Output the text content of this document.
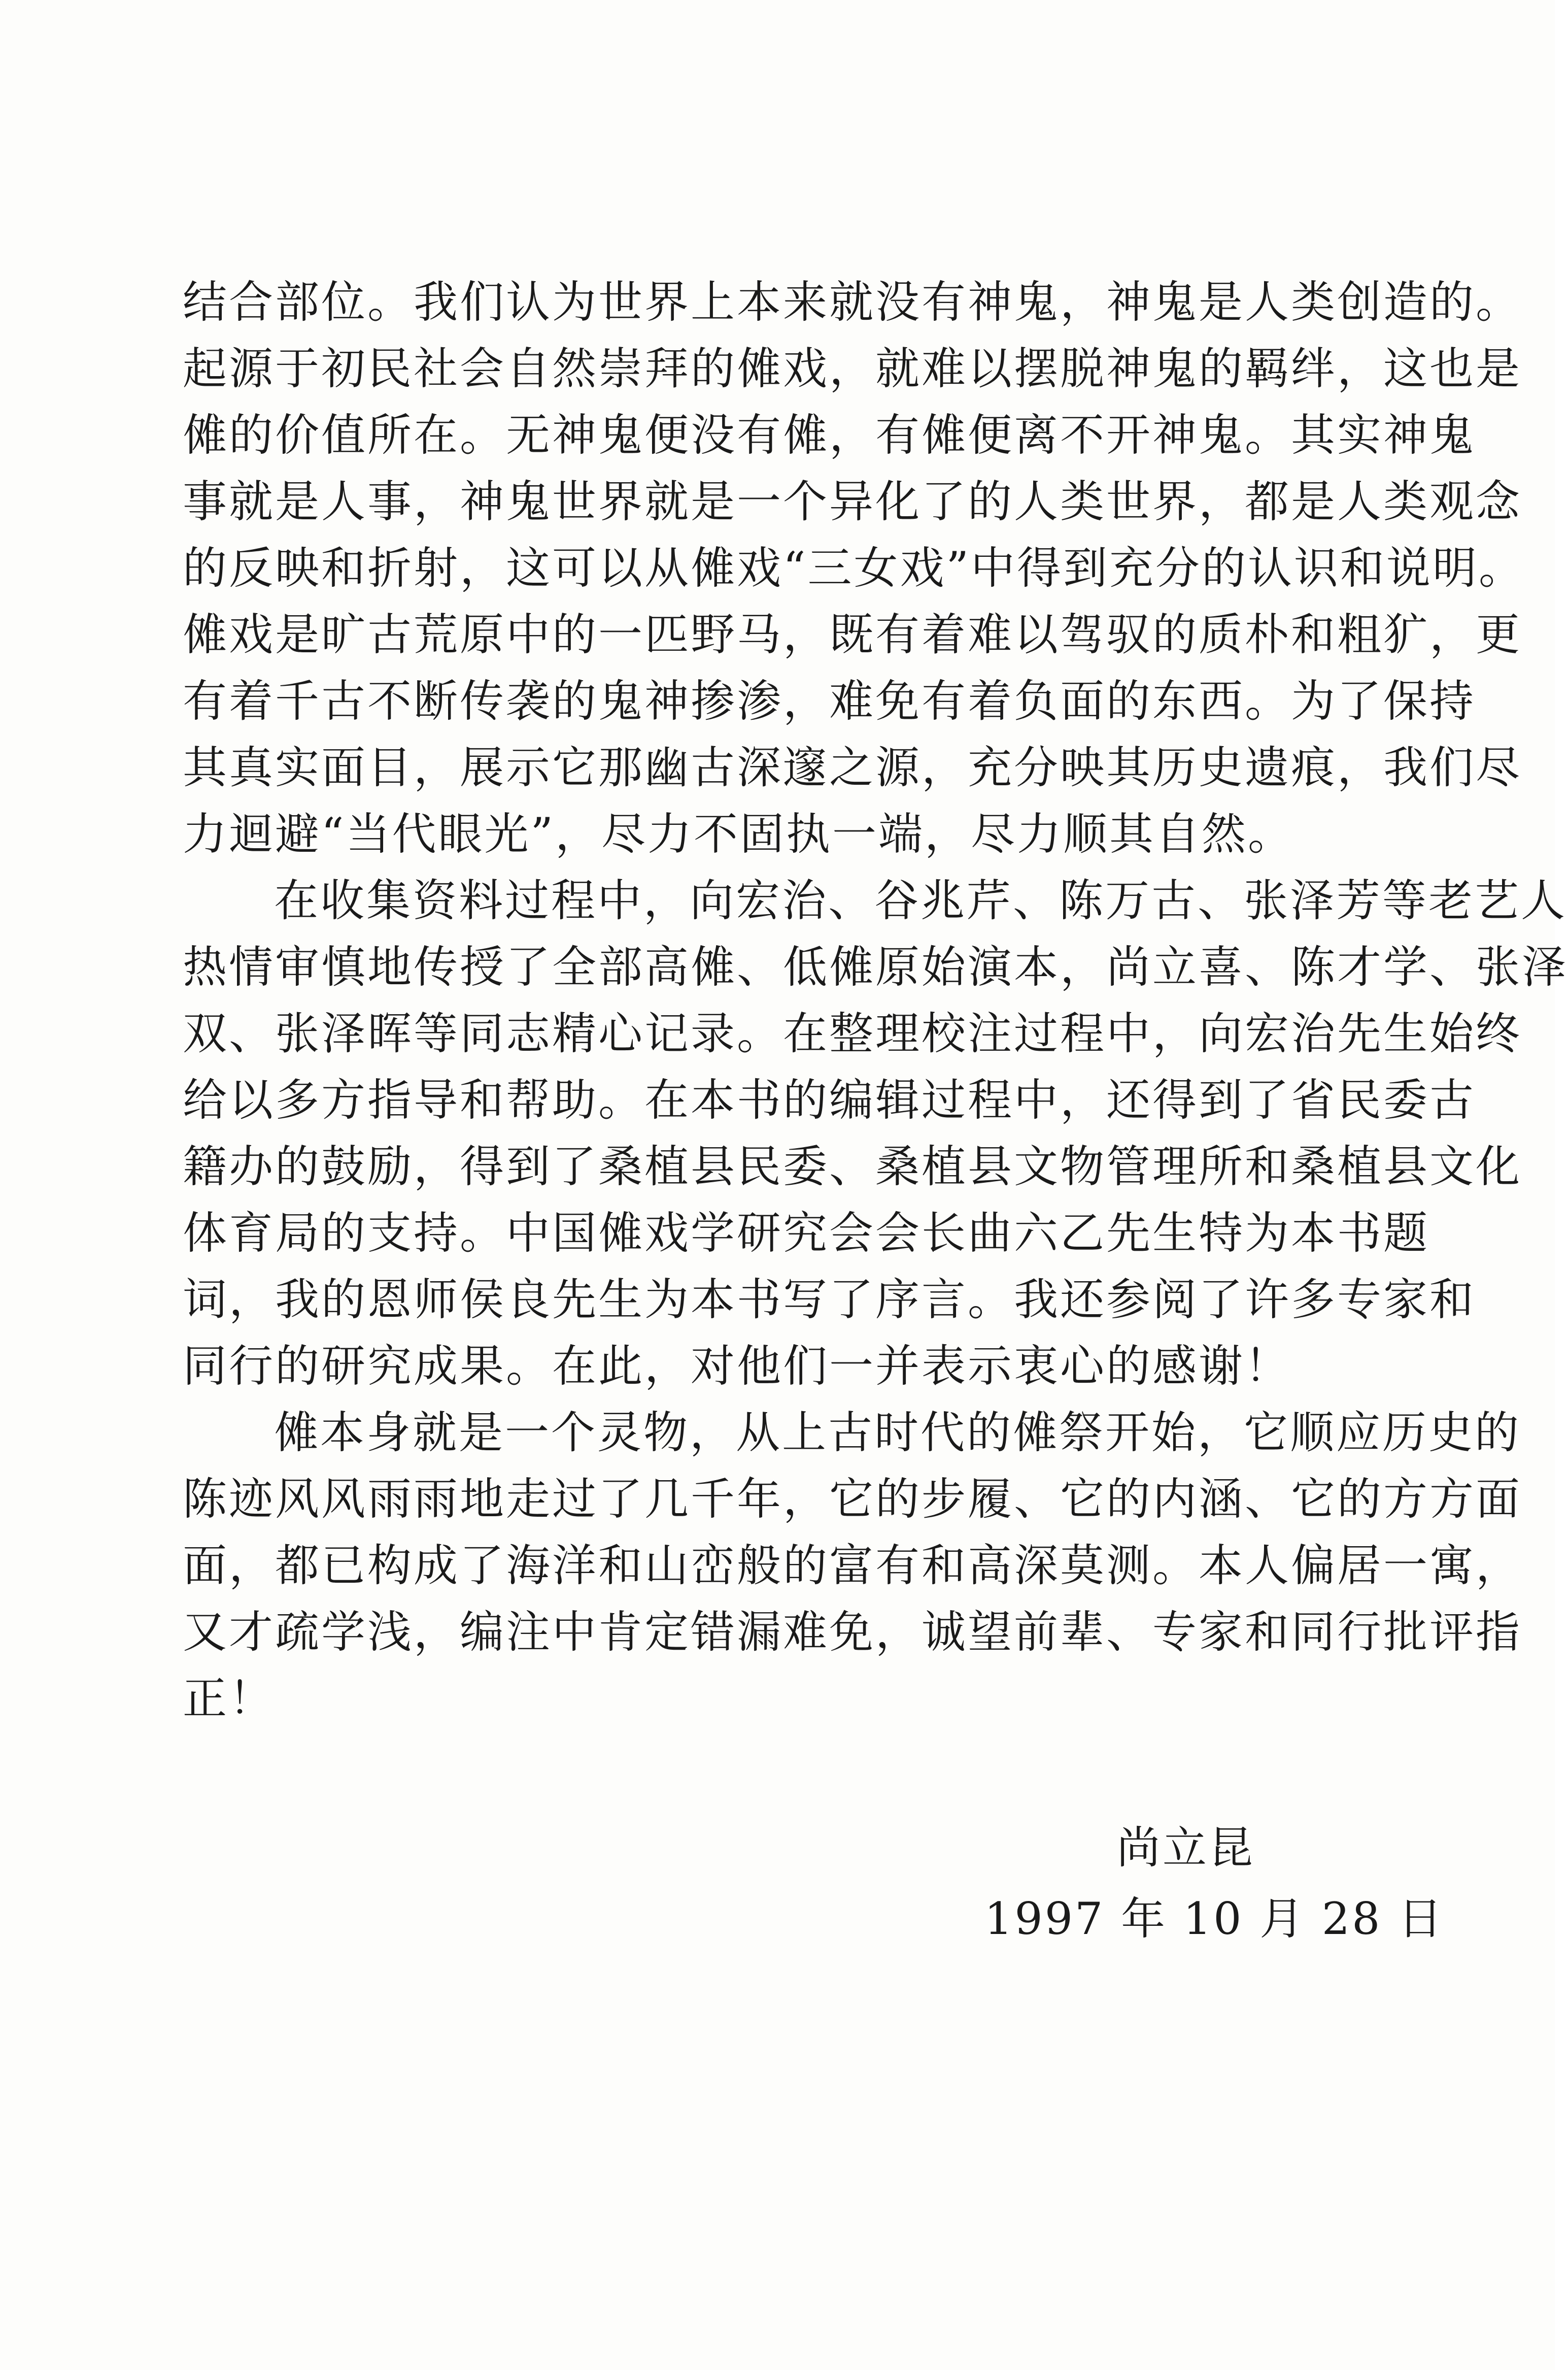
结合部位。我们认为世界上本来就没有神鬼，神鬼是人类创造的。
起源于初民社会自然崇拜的傩戏，就难以摆脱神鬼的羁绊，这也是
傩的价值所在。无神鬼便没有傩，有傩便离不开神鬼。其实神鬼
事就是人事，神鬼世界就是一个异化了的人类世界，都是人类观念
的反映和折射，这可以从傩戏“三女戏”中得到充分的认识和说明。
傩戏是旷古荒原中的一匹野马，既有着难以驾驭的质朴和粗犷，更
有着千古不断传袭的鬼神掺渗，难免有着负面的东西。为了保持
其真实面目，展示它那幽古深邃之源，充分映其历史遗痕，我们尽
力迴避“当代眼光”，尽力不固执一端，尽力顺其自然。
在收集资料过程中，向宏治、谷兆芹、陈万古、张泽芳等老艺人
热情审慎地传授了全部高傩、低傩原始演本，尚立喜、陈才学、张泽
双、张泽晖等同志精心记录。在整理校注过程中，向宏治先生始终
给以多方指导和帮助。在本书的编辑过程中，还得到了省民委古
籍办的鼓励，得到了桑植县民委、桑植县文物管理所和桑植县文化
体育局的支持。中国傩戏学研究会会长曲六乙先生特为本书题
词，我的恩师侯良先生为本书写了序言。我还参阅了许多专家和
同行的研究成果。在此，对他们一并表示衷心的感谢！
傩本身就是一个灵物，从上古时代的傩祭开始，它顺应历史的
陈迹风风雨雨地走过了几千年，它的步履、它的内涵、它的方方面
面，都已构成了海洋和山峦般的富有和高深莫测。本人偏居一寓，
又才疏学浅，编注中肯定错漏难免，诚望前辈、专家和同行批评指
正！
尚立昆
1997 年 10 月 28 日
